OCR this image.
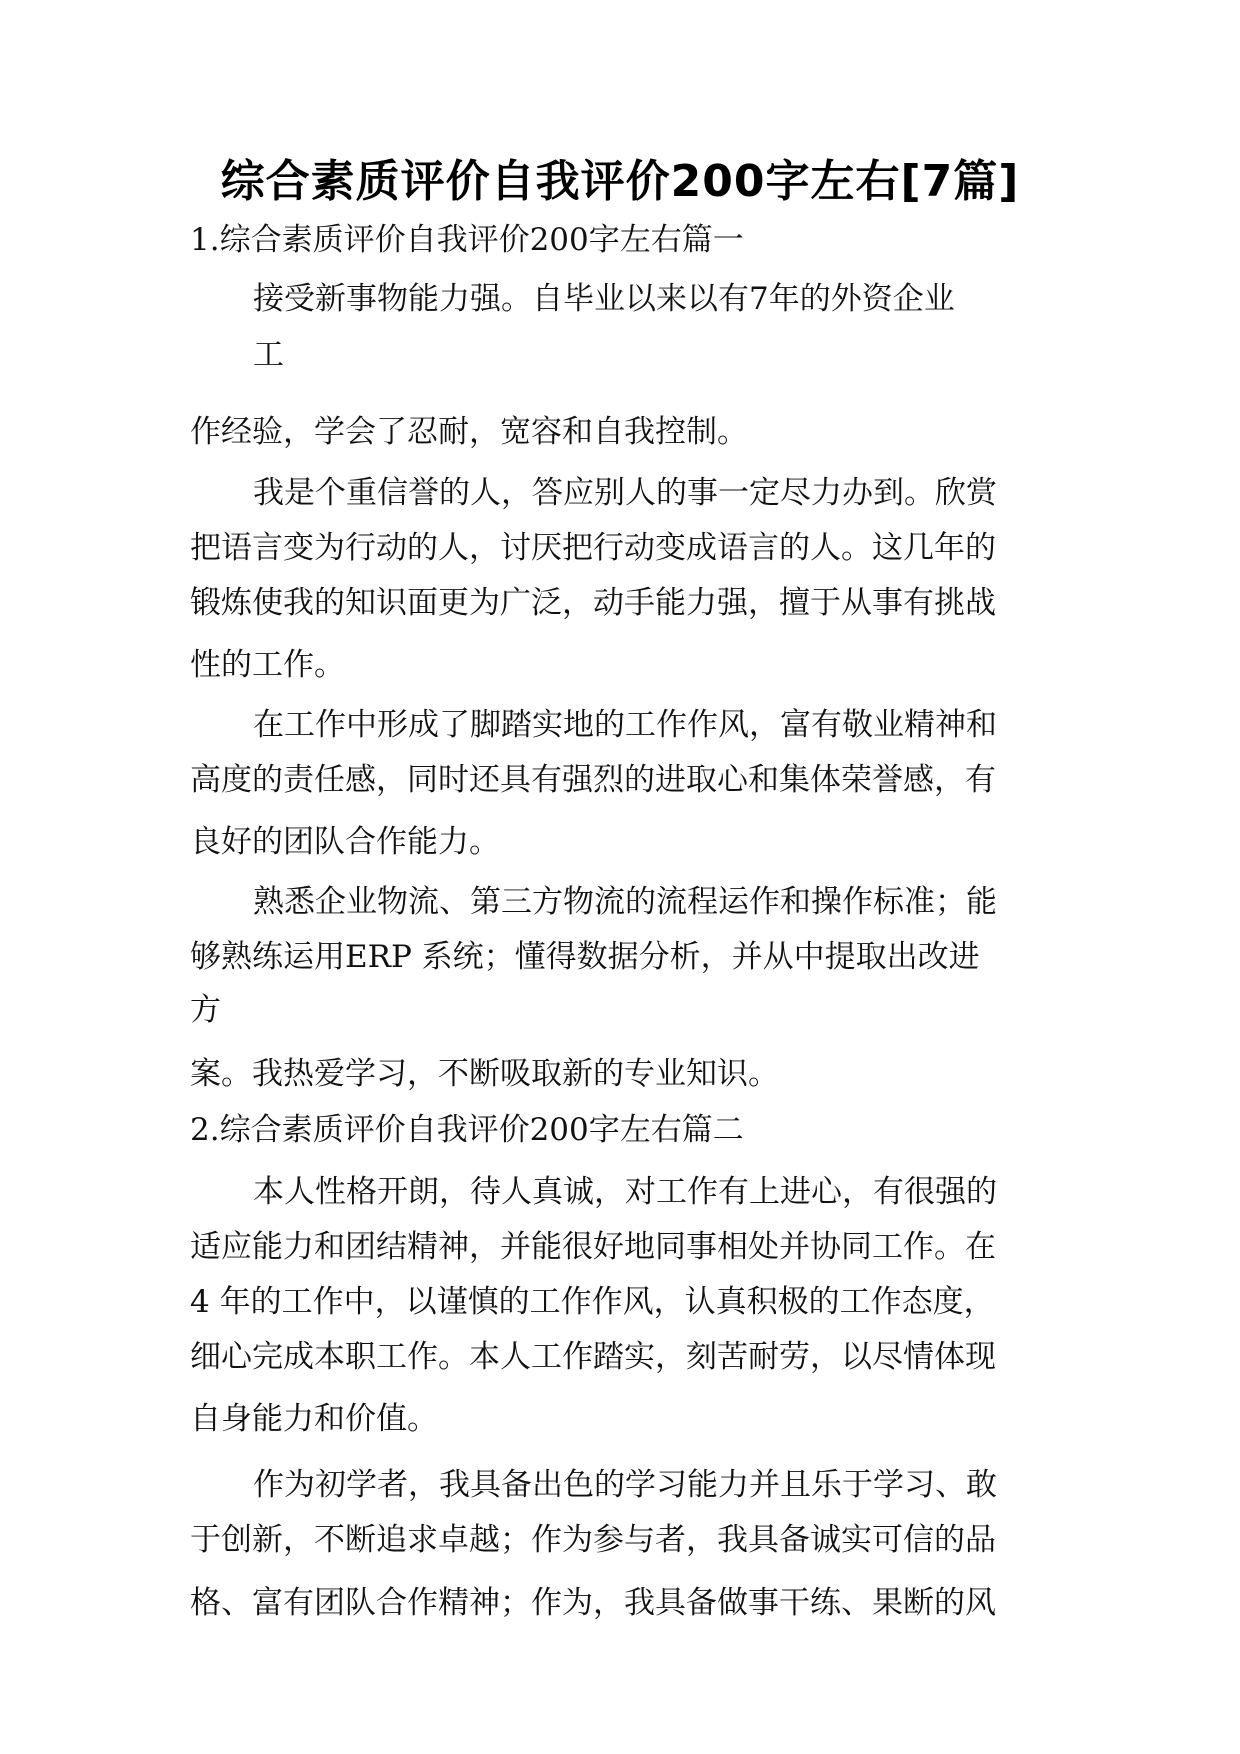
综合素质评价自我评价200字左右[7篇]
1.综合素质评价自我评价200字左右篇一
接受新事物能力强。自毕业以来以有7年的外资企业
工
作经验，学会了忍耐，宽容和自我控制。
我是个重信誉的人，答应别人的事一定尽力办到。欣赏
把语言变为行动的人，讨厌把行动变成语言的人。这几年的
锻炼使我的知识面更为广泛，动手能力强，擅于从事有挑战
性的工作。
在工作中形成了脚踏实地的工作作风，富有敬业精神和
高度的责任感，同时还具有强烈的进取心和集体荣誉感，有
良好的团队合作能力。
熟悉企业物流、第三方物流的流程运作和操作标准；能
够熟练运用ERP 系统；懂得数据分析，并从中提取出改进
方
案。我热爱学习，不断吸取新的专业知识。
2.综合素质评价自我评价200字左右篇二
本人性格开朗，待人真诚，对工作有上进心，有很强的
适应能力和团结精神，并能很好地同事相处并协同工作。在
4 年的工作中，以谨慎的工作作风，认真积极的工作态度，
细心完成本职工作。本人工作踏实，刻苦耐劳，以尽情体现
自身能力和价值。
作为初学者，我具备出色的学习能力并且乐于学习、敢
于创新，不断追求卓越；作为参与者，我具备诚实可信的品
格、富有团队合作精神；作为，我具备做事干练、果断的风
